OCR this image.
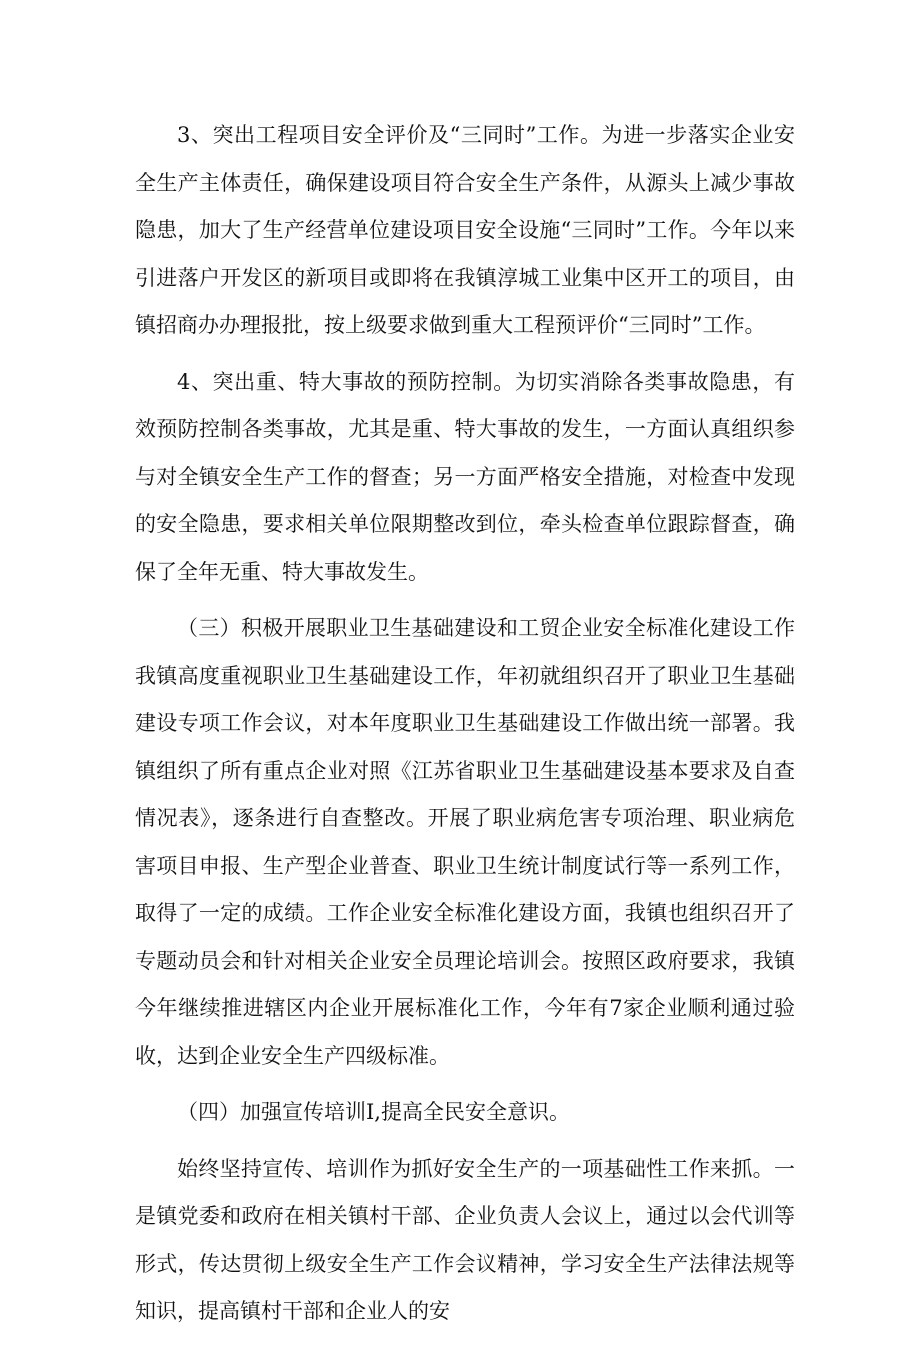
3、突出工程项目安全评价及“三同时”工作。为进一步落实企业安全生产主体责任，确保建设项目符合安全生产条件，从源头上减少事故隐患，加大了生产经营单位建设项目安全设施“三同时”工作。今年以来引进落户开发区的新项目或即将在我镇淳城工业集中区开工的项目，由镇招商办办理报批，按上级要求做到重大工程预评价“三同时”工作。

4、突出重、特大事故的预防控制。为切实消除各类事故隐患，有效预防控制各类事故，尤其是重、特大事故的发生，一方面认真组织参与对全镇安全生产工作的督查；另一方面严格安全措施，对检查中发现的安全隐患，要求相关单位限期整改到位，牵头检查单位跟踪督查，确保了全年无重、特大事故发生。

（三）积极开展职业卫生基础建设和工贸企业安全标准化建设工作我镇高度重视职业卫生基础建设工作，年初就组织召开了职业卫生基础建设专项工作会议，对本年度职业卫生基础建设工作做出统一部署。我镇组织了所有重点企业对照《江苏省职业卫生基础建设基本要求及自查情况表》，逐条进行自查整改。开展了职业病危害专项治理、职业病危害项目申报、生产型企业普查、职业卫生统计制度试行等一系列工作，取得了一定的成绩。工作企业安全标准化建设方面，我镇也组织召开了专题动员会和针对相关企业安全员理论培训会。按照区政府要求，我镇今年继续推进辖区内企业开展标准化工作，今年有7家企业顺利通过验收，达到企业安全生产四级标准。

（四）加强宣传培训I,提高全民安全意识。

始终坚持宣传、培训作为抓好安全生产的一项基础性工作来抓。一是镇党委和政府在相关镇村干部、企业负责人会议上，通过以会代训等形式，传达贯彻上级安全生产工作会议精神，学习安全生产法律法规等知识，提高镇村干部和企业人的安
